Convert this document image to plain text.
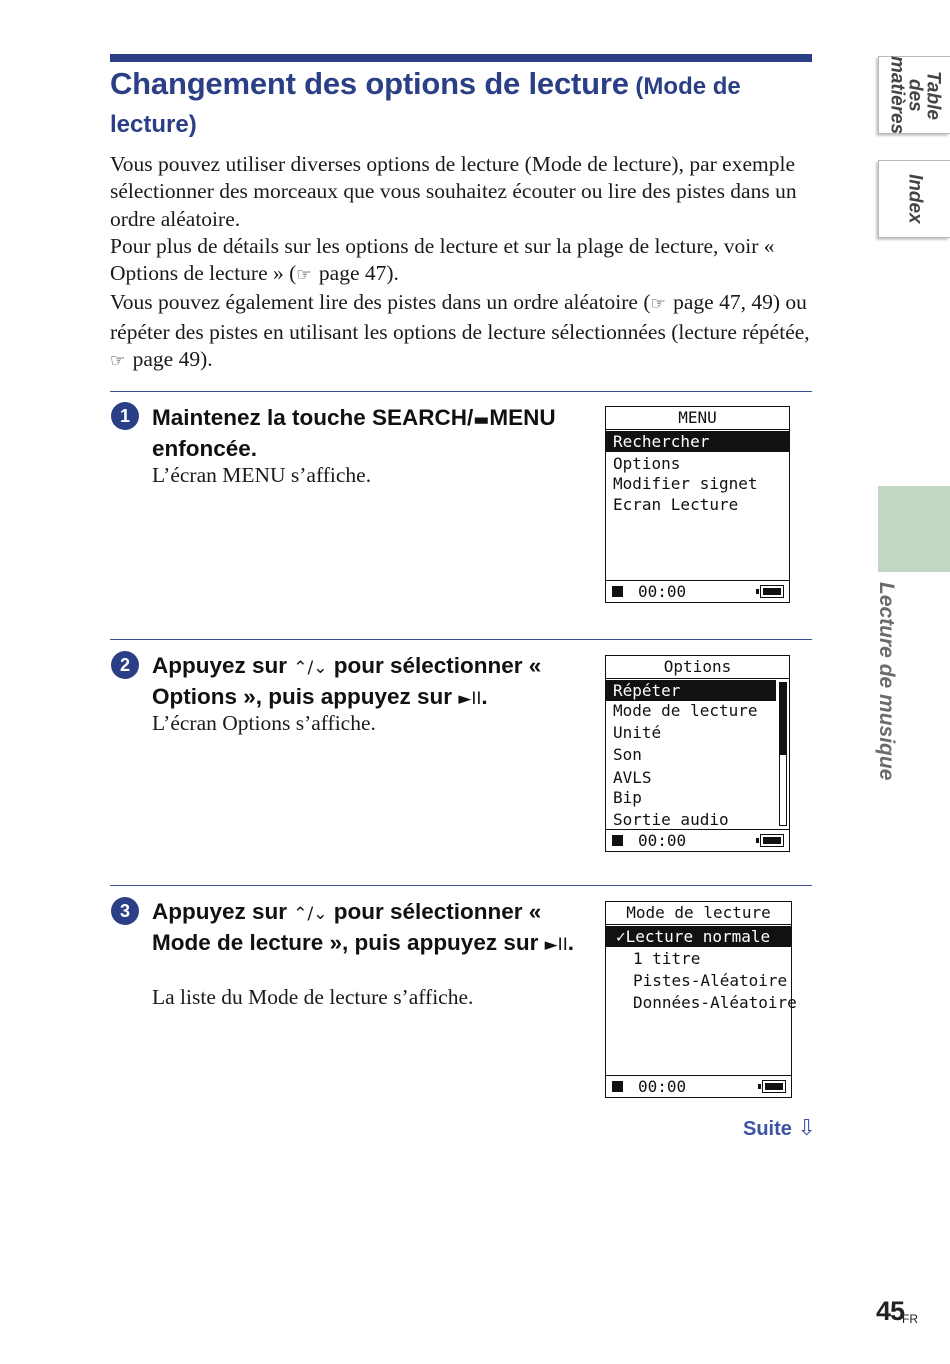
Changement des options de lecture (Mode de lecture)

Vous pouvez utiliser diverses options de lecture (Mode de lecture), par exemple sélectionner des morceaux que vous souhaitez écouter ou lire des pistes dans un ordre aléatoire.

Pour plus de détails sur les options de lecture et sur la plage de lecture, voir « Options de lecture » (☞ page 47).

Vous pouvez également lire des pistes dans un ordre aléatoire (☞ page 47, 49) ou répéter des pistes en utilisant les options de lecture sélectionnées (lecture répétée, ☞ page 49).

1 Maintenez la touche SEARCH/▬MENU enfoncée.
L’écran MENU s’affiche.
MENU
Rechercher
Options
Modifier signet
Ecran Lecture
00:00
2 Appuyez sur ⌃/⌄ pour sélectionner « Options », puis appuyez sur ►II.
L’écran Options s’affiche.
Options
Répéter
Mode de lecture
Unité
Son
AVLS
Bip
Sortie audio
00:00
3 Appuyez sur ⌃/⌄ pour sélectionner « Mode de lecture », puis appuyez sur ►II.
La liste du Mode de lecture s’affiche.
Mode de lecture
✓Lecture normale
1 titre
Pistes-Aléatoire
Données-Aléatoire
00:00
Suite ⇩
Table des matières
Index
Lecture de musique
45
FR
